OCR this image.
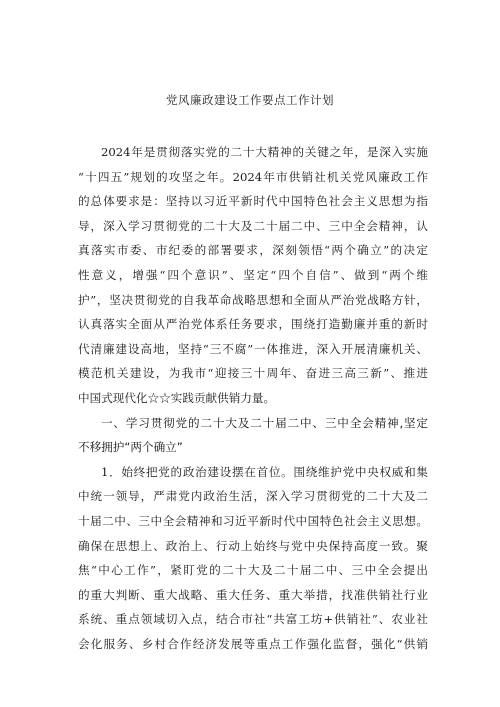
党风廉政建设工作要点工作计划
2024年是贯彻落实党的二十大精神的关键之年，是深入实施
“十四五”规划的攻坚之年。2024年市供销社机关党风廉政工作
的总体要求是：坚持以习近平新时代中国特色社会主义思想为指
导，深入学习贯彻党的二十大及二十届二中、三中全会精神，认
真落实市委、市纪委的部署要求，深刻领悟“两个确立”的决定
性意义，增强“四个意识”、坚定“四个自信”、做到“两个维
护”，坚决贯彻党的自我革命战略思想和全面从严治党战略方针，
认真落实全面从严治党体系任务要求，围绕打造勤廉并重的新时
代清廉建设高地，坚持“三不腐”一体推进，深入开展清廉机关、
模范机关建设，为我市“迎接三十周年、奋进三高三新”、推进
中国式现代化☆☆实践贡献供销力量。
一、学习贯彻党的二十大及二十届二中、三中全会精神,坚定
不移拥护“两个确立”
1．始终把党的政治建设摆在首位。围绕维护党中央权威和集
中统一领导，严肃党内政治生活，深入学习贯彻党的二十大及二
十届二中、三中全会精神和习近平新时代中国特色社会主义思想。
确保在思想上、政治上、行动上始终与党中央保持高度一致。聚
焦“中心工作”，紧盯党的二十大及二十届二中、三中全会提出
的重大判断、重大战略、重大任务、重大举措，找准供销社行业
系统、重点领域切入点，结合市社“共富工坊+供销社”、农业社
会化服务、乡村合作经济发展等重点工作强化监督，强化“供销
